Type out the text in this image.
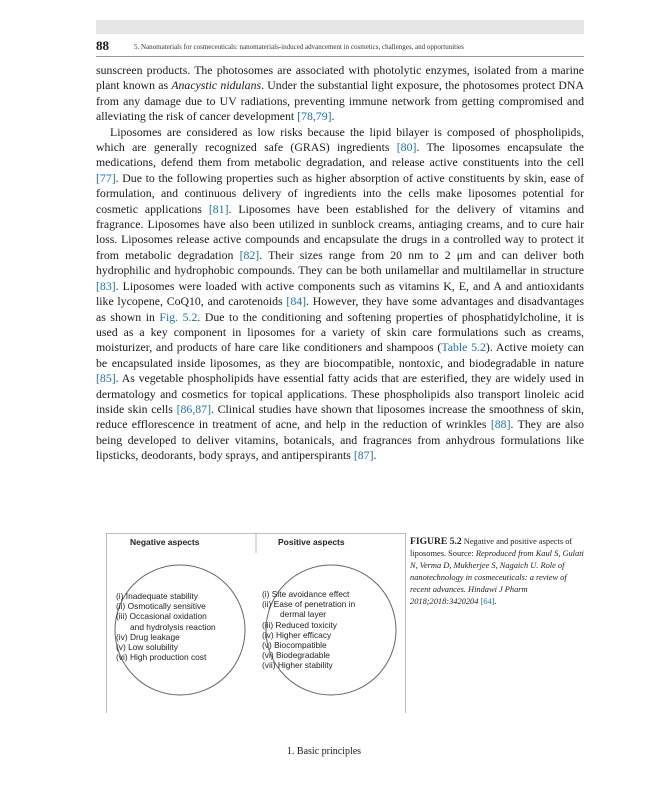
88	5. Nanomaterials for cosmeceuticals: nanomaterials-induced advancement in cosmetics, challenges, and opportunities

sunscreen products. The photosomes are associated with photolytic enzymes, isolated from a marine plant known as Anacystic nidulans. Under the substantial light exposure, the photosomes protect DNA from any damage due to UV radiations, preventing immune network from getting compromised and alleviating the risk of cancer development [78,79].

Liposomes are considered as low risks because the lipid bilayer is composed of phospholipids, which are generally recognized safe (GRAS) ingredients [80]. The liposomes encapsulate the medications, defend them from metabolic degradation, and release active constituents into the cell [77]. Due to the following properties such as higher absorption of active constituents by skin, ease of formulation, and continuous delivery of ingredients into the cells make liposomes potential for cosmetic applications [81]. Liposomes have been established for the delivery of vitamins and fragrance. Liposomes have also been utilized in sunblock creams, antiaging creams, and to cure hair loss. Liposomes release active compounds and encapsulate the drugs in a controlled way to protect it from metabolic degradation [82]. Their sizes range from 20 nm to 2 μm and can deliver both hydrophilic and hydrophobic compounds. They can be both unilamellar and multilamellar in structure [83]. Liposomes were loaded with active components such as vitamins K, E, and A and antioxidants like lycopene, CoQ10, and carotenoids [84]. However, they have some advantages and disadvantages as shown in Fig. 5.2. Due to the conditioning and softening properties of phosphatidylcholine, it is used as a key component in liposomes for a variety of skin care formulations such as creams, moisturizer, and products of hare care like conditioners and shampoos (Table 5.2). Active moiety can be encapsulated inside liposomes, as they are biocompatible, nontoxic, and biodegradable in nature [85]. As vegetable phospholipids have essential fatty acids that are esterified, they are widely used in dermatology and cosmetics for topical applications. These phospholipids also transport linoleic acid inside skin cells [86,87]. Clinical studies have shown that liposomes increase the smoothness of skin, reduce efflorescence in treatment of acne, and help in the reduction of wrinkles [88]. They are also being developed to deliver vitamins, botanicals, and fragrances from anhydrous formulations like lipsticks, deodorants, body sprays, and antiperspirants [87].

Negative aspects	Positive aspects
(i) Inadequate stability
(ii) Osmotically sensitive
(iii) Occasional oxidation
and hydrolysis reaction
(iv) Drug leakage
(v) Low solubility
(vi) High production cost
(i) Site avoidance effect
(ii) Ease of penetration in
dermal layer
(iii) Reduced toxicity
(iv) Higher efficacy
(v) Biocompatible
(vi) Biodegradable
(vii) Higher stability
FIGURE 5.2 Negative and positive aspects of liposomes. Source: Reproduced from Kaul S, Gulati N, Verma D, Mukherjee S, Nagaich U. Role of nanotechnology in cosmeceuticals: a review of recent advances. Hindawi J Pharm 2018;2018:3420204 [64].
1. Basic principles
